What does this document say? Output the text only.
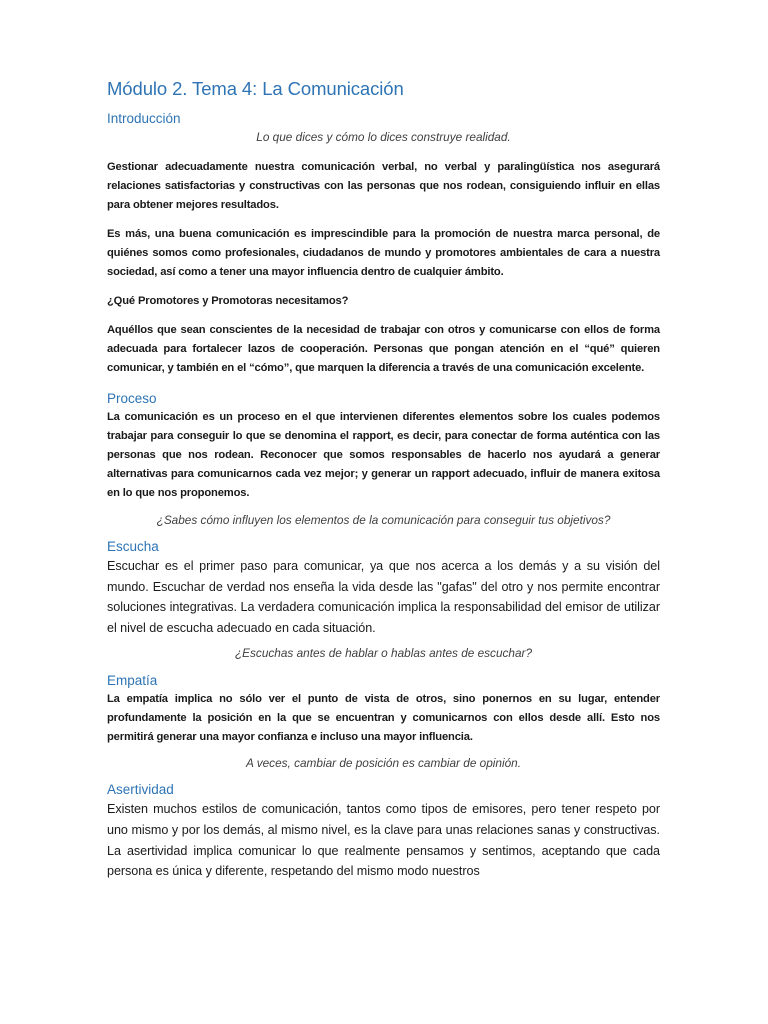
Módulo 2. Tema 4: La Comunicación
Introducción

Lo que dices y cómo lo dices construye realidad.

Gestionar adecuadamente nuestra comunicación verbal, no verbal y paralingüística nos asegurará relaciones satisfactorias y constructivas con las personas que nos rodean, consiguiendo influir en ellas para obtener mejores resultados.

Es más, una buena comunicación es imprescindible para la promoción de nuestra marca personal, de quiénes somos como profesionales, ciudadanos de mundo y promotores ambientales de cara a nuestra sociedad, así como a tener una mayor influencia dentro de cualquier ámbito.

¿Qué Promotores y Promotoras necesitamos?

Aquéllos que sean conscientes de la necesidad de trabajar con otros y comunicarse con ellos de forma adecuada para fortalecer lazos de cooperación. Personas que pongan atención en el “qué” quieren comunicar, y también en el “cómo”, que marquen la diferencia a través de una comunicación excelente.

Proceso

La comunicación es un proceso en el que intervienen diferentes elementos sobre los cuales podemos trabajar para conseguir lo que se denomina el rapport, es decir, para conectar de forma auténtica con las personas que nos rodean. Reconocer que somos responsables de hacerlo nos ayudará a generar alternativas para comunicarnos cada vez mejor; y generar un rapport adecuado, influir de manera exitosa en lo que nos proponemos.

¿Sabes cómo influyen los elementos de la comunicación para conseguir tus objetivos?

Escucha

Escuchar es el primer paso para comunicar, ya que nos acerca a los demás y a su visión del mundo. Escuchar de verdad nos enseña la vida desde las "gafas" del otro y nos permite encontrar soluciones integrativas. La verdadera comunicación implica la responsabilidad del emisor de utilizar el nivel de escucha adecuado en cada situación.

¿Escuchas antes de hablar o hablas antes de escuchar?

Empatía

La empatía implica no sólo ver el punto de vista de otros, sino ponernos en su lugar, entender profundamente la posición en la que se encuentran y comunicarnos con ellos desde allí. Esto nos permitirá generar una mayor confianza e incluso una mayor influencia.

A veces, cambiar de posición es cambiar de opinión.

Asertividad

Existen muchos estilos de comunicación, tantos como tipos de emisores, pero tener respeto por uno mismo y por los demás, al mismo nivel, es la clave para unas relaciones sanas y constructivas. La asertividad implica comunicar lo que realmente pensamos y sentimos, aceptando que cada persona es única y diferente, respetando del mismo modo nuestros
